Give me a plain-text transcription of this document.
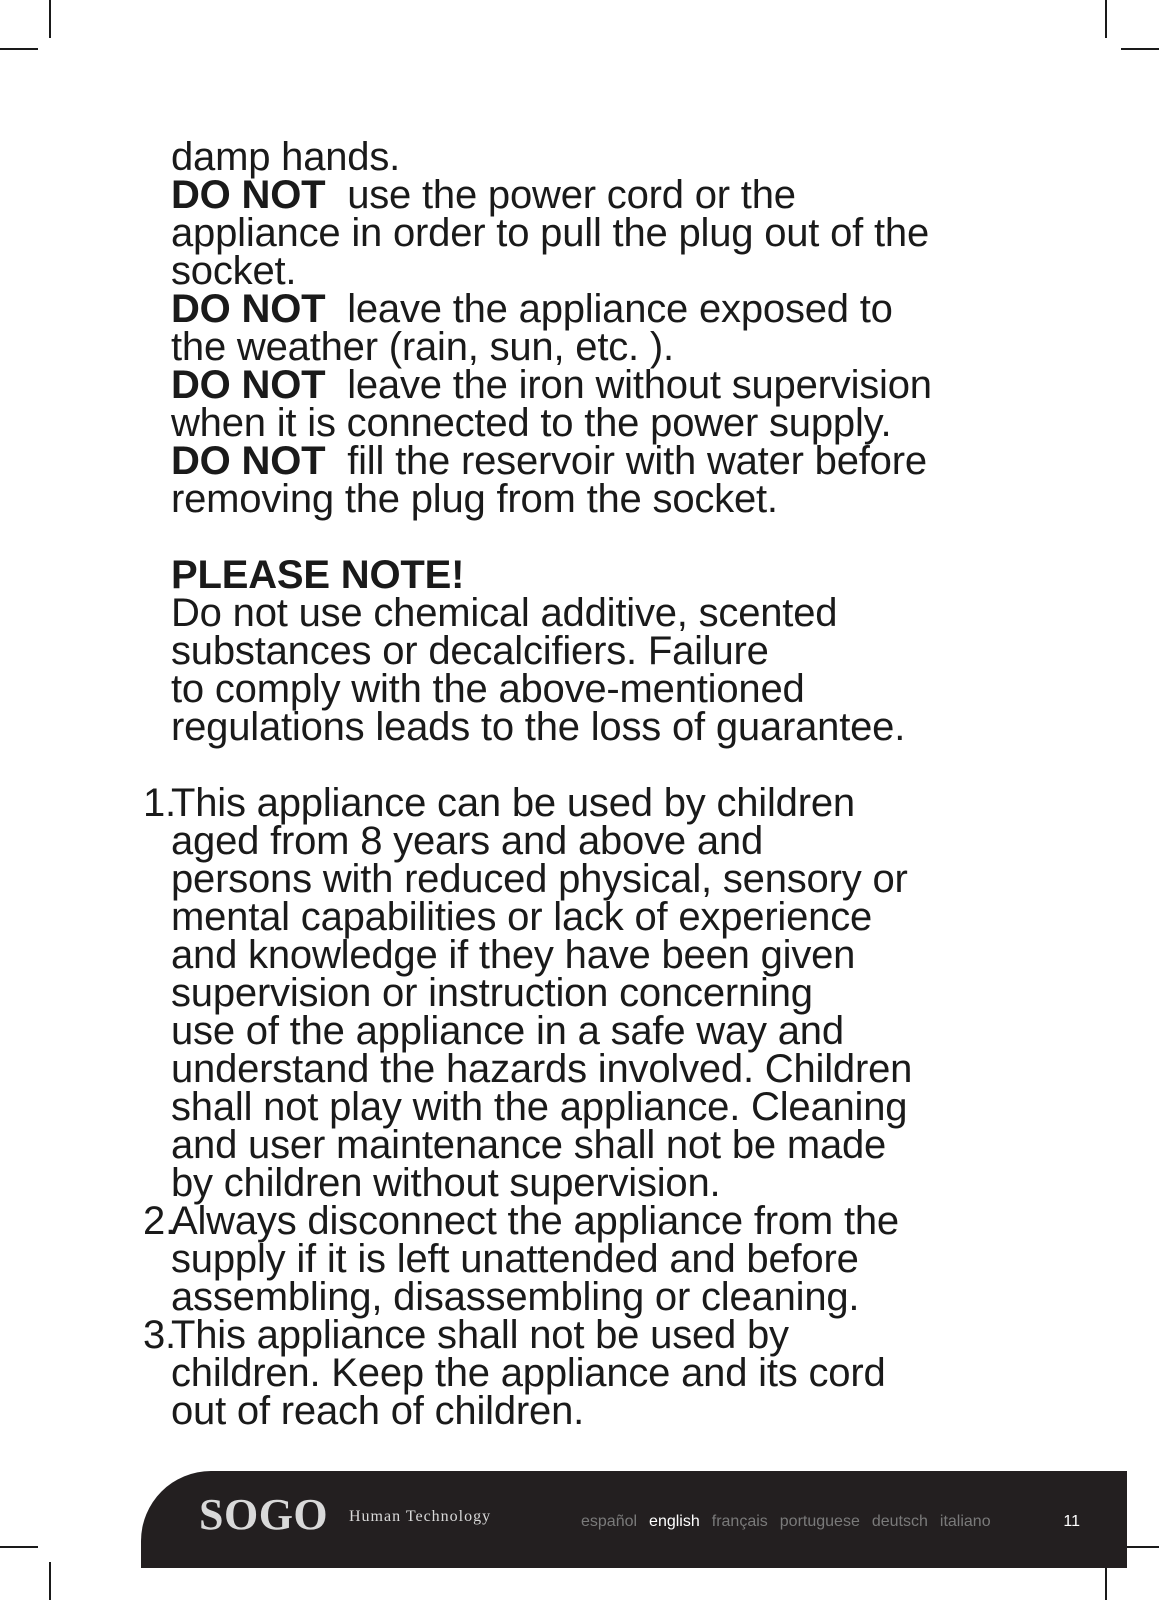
damp hands.
DO NOT use the power cord or the
appliance in order to pull the plug out of the
socket.
DO NOT leave the appliance exposed to
the weather (rain, sun, etc. ).
DO NOT leave the iron without supervision
when it is connected to the power supply.
DO NOT fill the reservoir with water before
removing the plug from the socket.
PLEASE NOTE!
Do not use chemical additive, scented
substances or decalcifiers. Failure
to comply with the above-mentioned
regulations leads to the loss of guarantee.
1.This appliance can be used by children
aged from 8 years and above and
persons with reduced physical, sensory or
mental capabilities or lack of experience
and knowledge if they have been given
supervision or instruction concerning
use of the appliance in a safe way and
understand the hazards involved. Children
shall not play with the appliance. Cleaning
and user maintenance shall not be made
by children without supervision.
2.Always disconnect the appliance from the
supply if it is left unattended and before
assembling, disassembling or cleaning.
3.This appliance shall not be used by
children. Keep the appliance and its cord
out of reach of children.
SOGO Human Technology	español english français portuguese deutsch italiano	11
